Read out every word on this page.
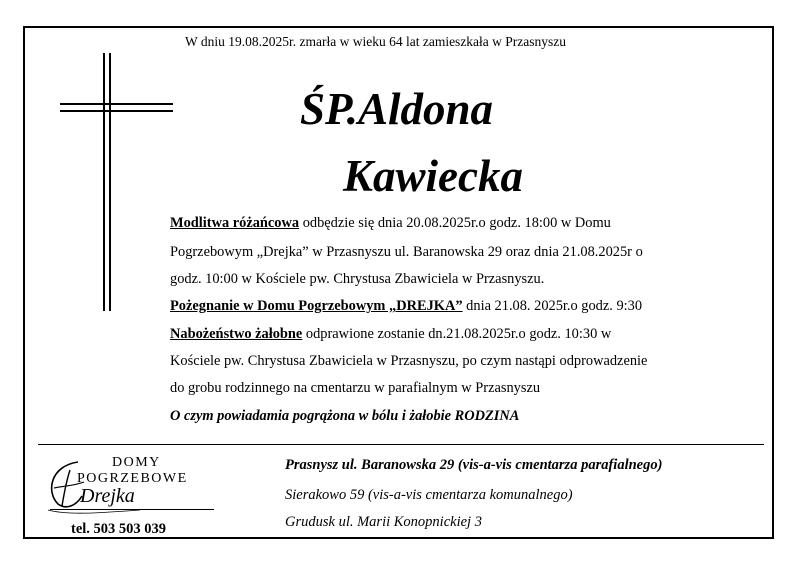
W dniu 19.08.2025r. zmarła w wieku 64 lat zamieszkała w Przasnyszu
ŚP.Aldona
Kawiecka
Modlitwa różańcowa odbędzie się dnia 20.08.2025r.o godz. 18:00 w Domu
Pogrzebowym „Drejka” w Przasnyszu ul. Baranowska 29 oraz dnia 21.08.2025r o
godz. 10:00 w Kościele pw. Chrystusa Zbawiciela w Przasnyszu.
Pożegnanie w Domu Pogrzebowym „DREJKA” dnia 21.08. 2025r.o godz. 9:30
Nabożeństwo żałobne odprawione zostanie dn.21.08.2025r.o godz. 10:30 w
Kościele pw. Chrystusa Zbawiciela w Przasnyszu, po czym nastąpi odprowadzenie
do grobu rodzinnego na cmentarzu w parafialnym w Przasnyszu
O czym powiadamia pogrążona w bólu i żałobie RODZINA
DOMY
POGRZEBOWE
Drejka
tel. 503 503 039
Prasnysz ul. Baranowska 29 (vis-a-vis cmentarza parafialnego)
Sierakowo 59 (vis-a-vis cmentarza komunalnego)
Grudusk ul. Marii Konopnickiej 3
